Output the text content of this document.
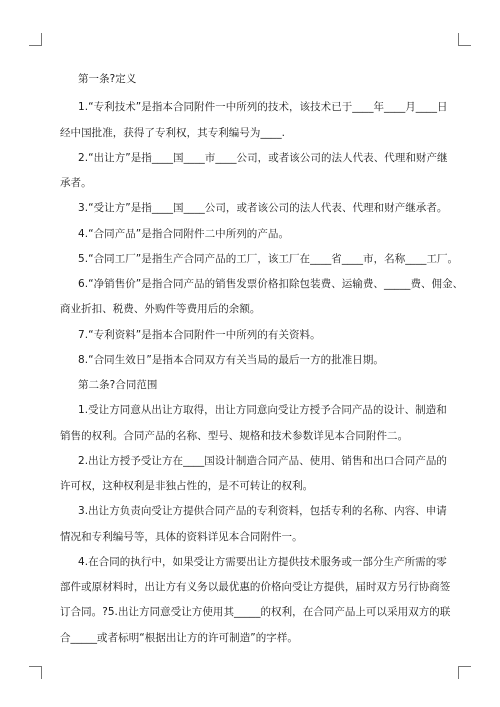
第一条?定义
1.“专利技术”是指本合同附件一中所列的技术，该技术已于____年____月____日
经中国批准，获得了专利权，其专利编号为____.
2.“出让方”是指____国____市____公司，或者该公司的法人代表、代理和财产继
承者。
3.“受让方”是指____国____公司，或者该公司的法人代表、代理和财产继承者。
4.“合同产品”是指合同附件二中所列的产品。
5.“合同工厂”是指生产合同产品的工厂，该工厂在____省____市，名称____工厂。
6.“净销售价”是指合同产品的销售发票价格扣除包装费、运输费、_____费、佣金、
商业折扣、税费、外购件等费用后的余额。
7.“专利资料”是指本合同附件一中所列的有关资料。
8.“合同生效日”是指本合同双方有关当局的最后一方的批准日期。
第二条?合同范围
1.受让方同意从出让方取得，出让方同意向受让方授予合同产品的设计、制造和
销售的权利。合同产品的名称、型号、规格和技术参数详见本合同附件二。
2.出让方授予受让方在____国设计制造合同产品、使用、销售和出口合同产品的
许可权，这种权利是非独占性的，是不可转让的权利。
3.出让方负责向受让方提供合同产品的专利资料，包括专利的名称、内容、申请
情况和专利编号等，具体的资料详见本合同附件一。
4.在合同的执行中，如果受让方需要出让方提供技术服务或一部分生产所需的零
部件或原材料时，出让方有义务以最优惠的价格向受让方提供，届时双方另行协商签
订合同。?5.出让方同意受让方使用其_____的权利，在合同产品上可以采用双方的联
合_____或者标明“根据出让方的许可制造”的字样。
